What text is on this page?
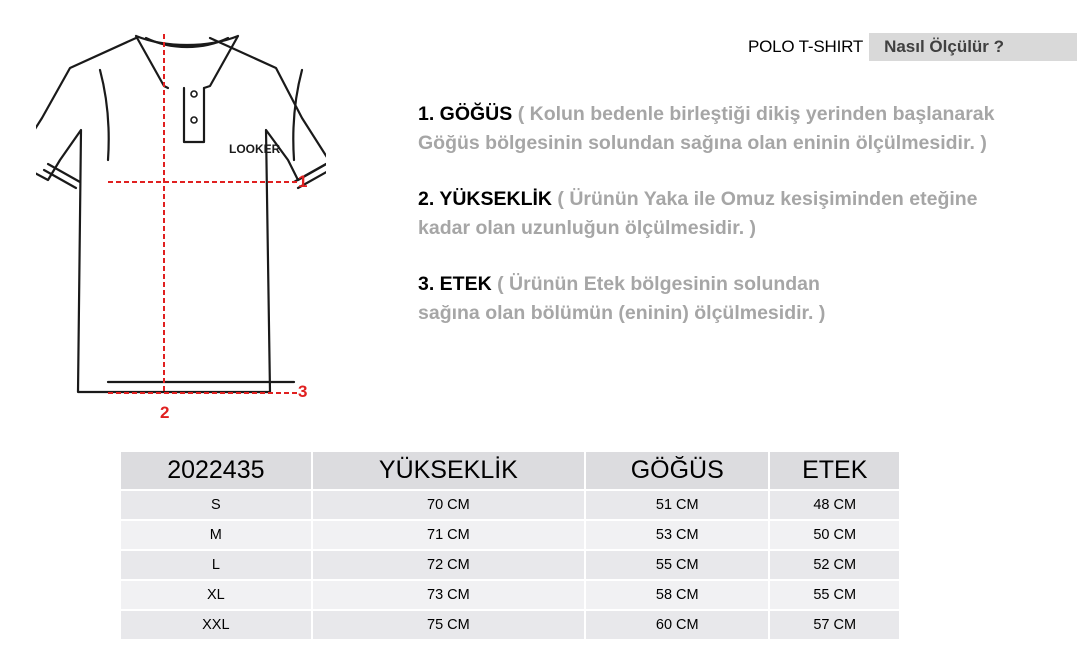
POLO T-SHIRT	Nasıl Ölçülür ?
LOOKER
1
2
3
1. GÖĞÜS ( Kolun bedenle birleştiği dikiş yerinden başlanarak
Göğüs bölgesinin solundan sağına olan eninin ölçülmesidir. )
2. YÜKSEKLİK ( Ürünün Yaka ile Omuz kesişiminden eteğine
kadar olan uzunluğun ölçülmesidir. )
3. ETEK ( Ürünün Etek bölgesinin solundan
sağına olan bölümün (eninin) ölçülmesidir. )
2022435	YÜKSEKLİK	GÖĞÜS	ETEK
S	70 CM	51 CM	48 CM
M	71 CM	53 CM	50 CM
L	72 CM	55 CM	52 CM
XL	73 CM	58 CM	55 CM
XXL	75 CM	60 CM	57 CM
